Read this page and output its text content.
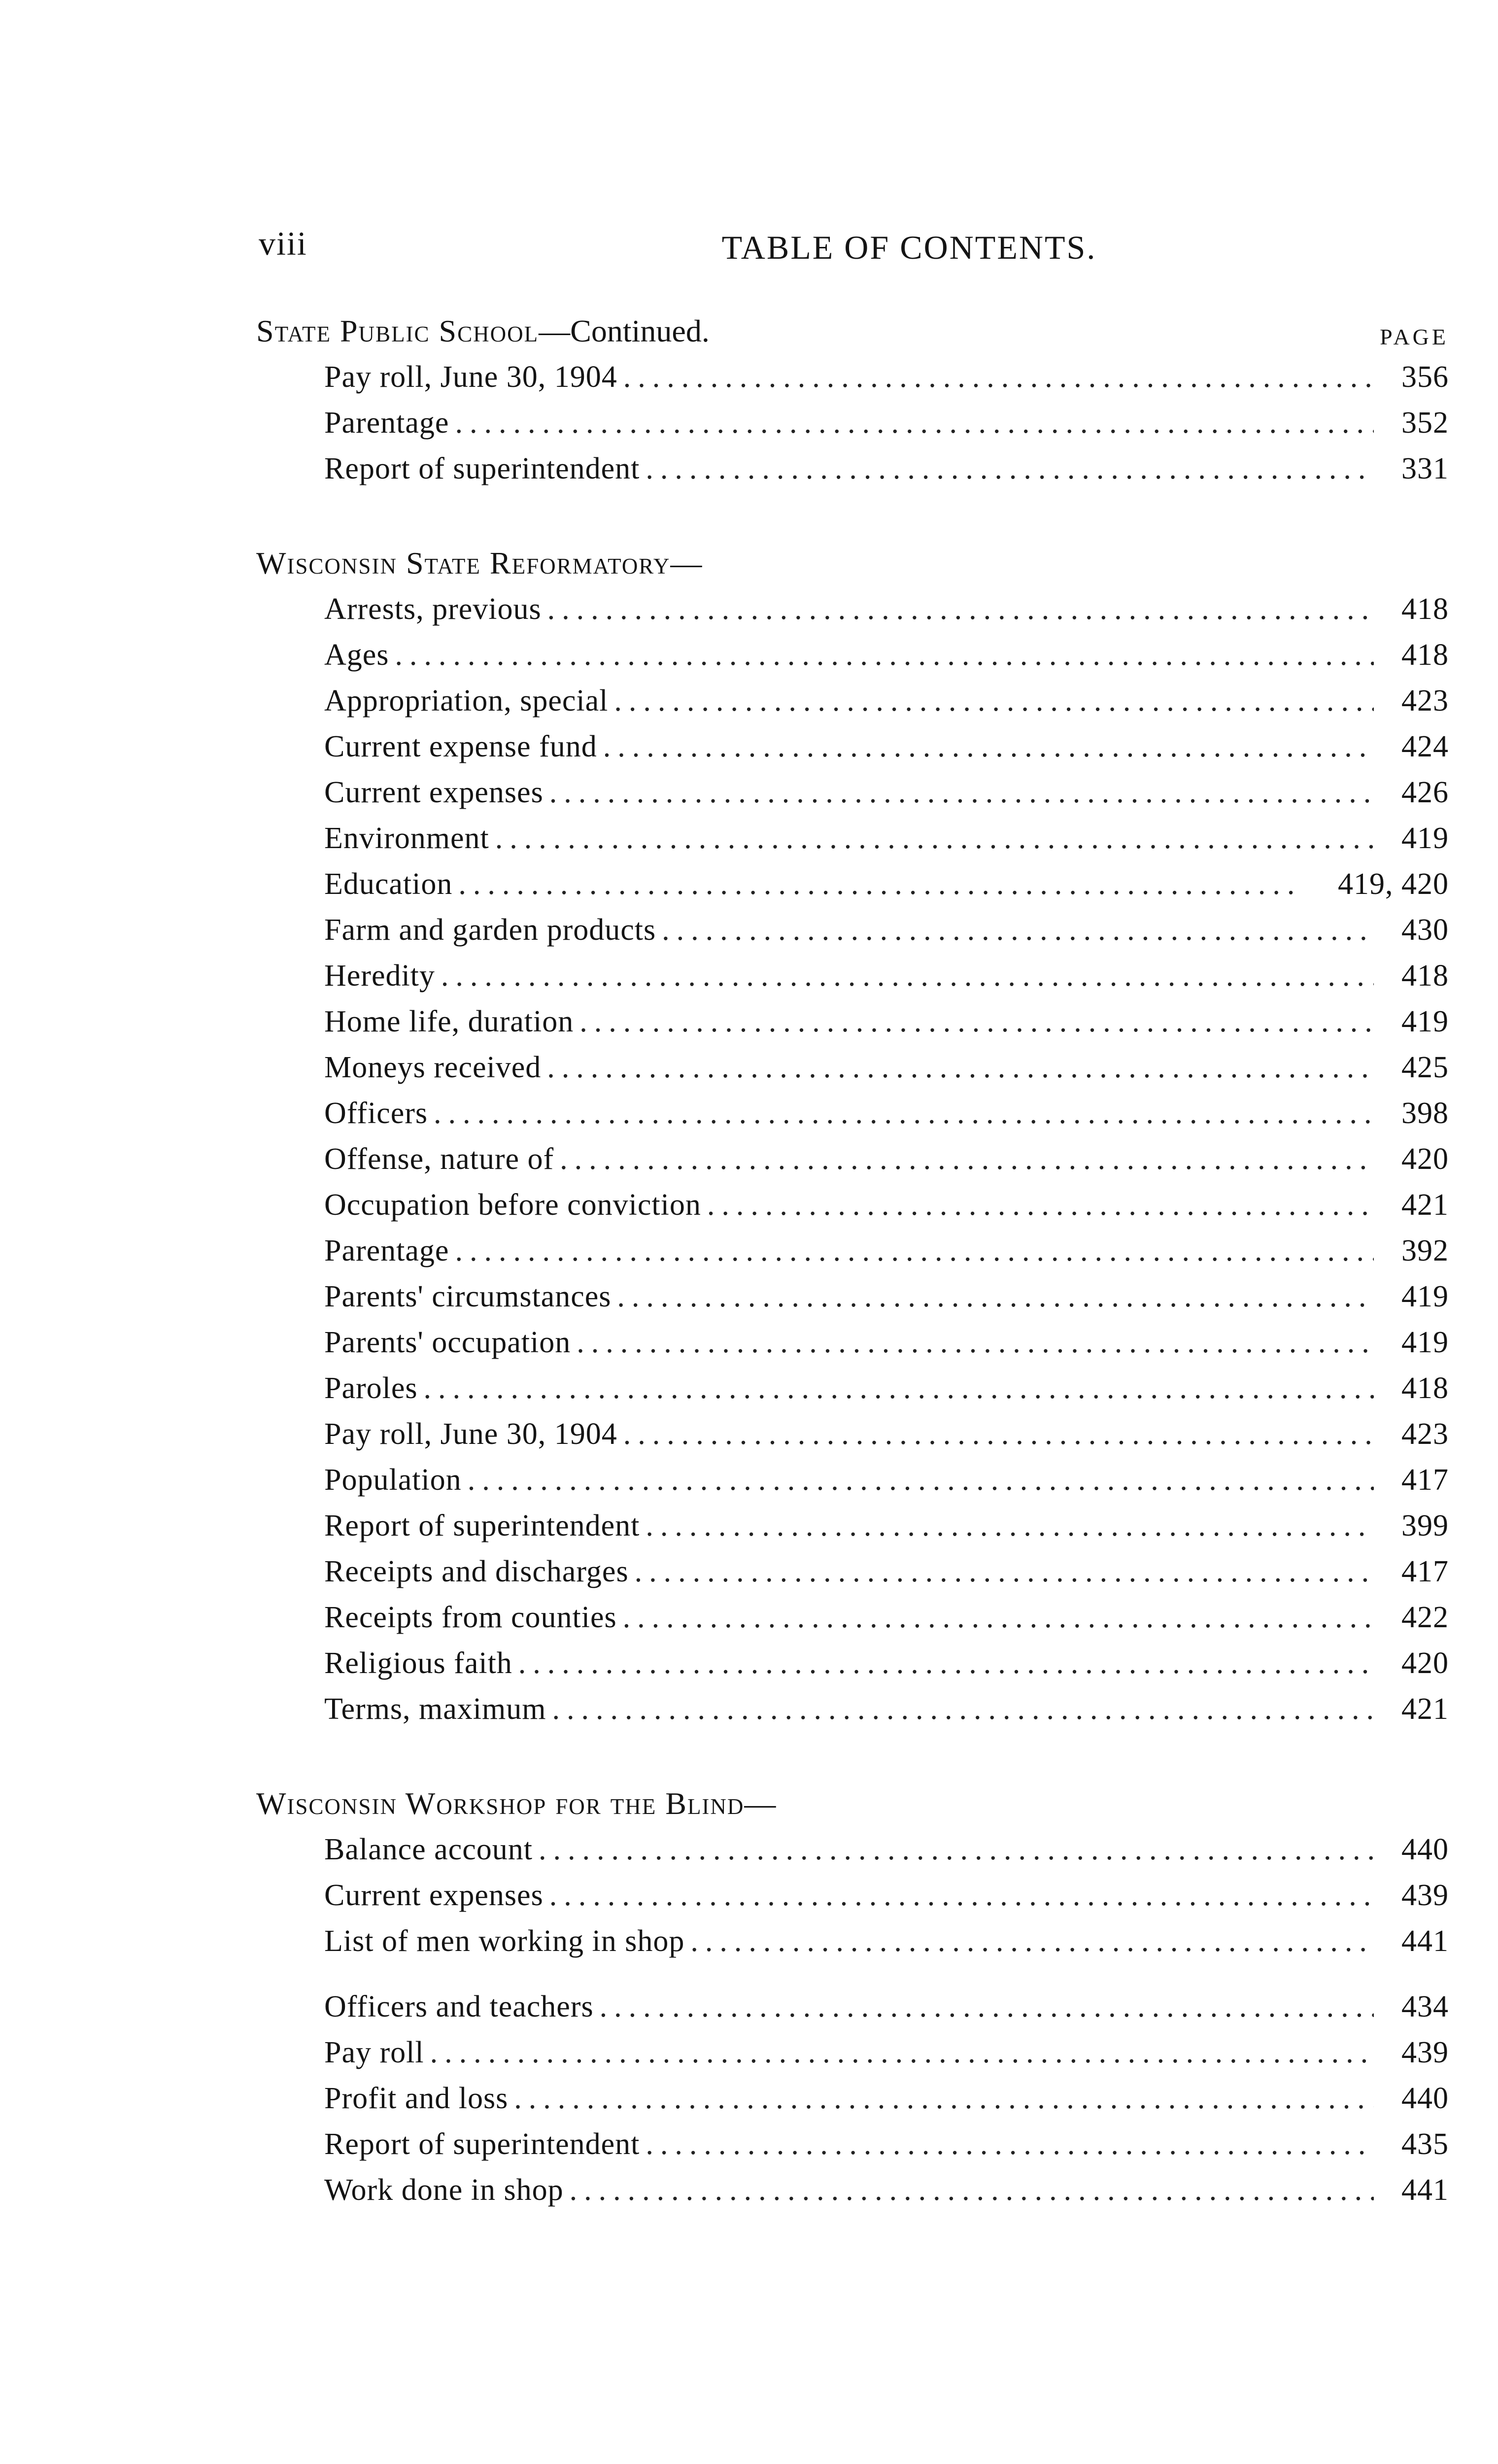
viii	TABLE OF CONTENTS.
State Public School—Continued.	PAGE
Pay roll, June 30, 1904 .....	356
Parentage .....	352
Report of superintendent .....	331
Wisconsin State Reformatory—
Arrests, previous .....	418
Ages .....	418
Appropriation, special .....	423
Current expense fund .....	424
Current expenses .....	426
Environment .....	419
Education .....	419, 420
Farm and garden products .....	430
Heredity .....	418
Home life, duration .....	419
Moneys received .....	425
Officers .....	398
Offense, nature of .....	420
Occupation before conviction .....	421
Parentage .....	392
Parents' circumstances .....	419
Parents' occupation .....	419
Paroles .....	418
Pay roll, June 30, 1904 .....	423
Population .....	417
Report of superintendent .....	399
Receipts and discharges .....	417
Receipts from counties .....	422
Religious faith .....	420
Terms, maximum .....	421
Wisconsin Workshop for the Blind—
Balance account .....	440
Current expenses .....	439
List of men working in shop .....	441
Officers and teachers .....	434
Pay roll .....	439
Profit and loss .....	440
Report of superintendent .....	435
Work done in shop .....	441
